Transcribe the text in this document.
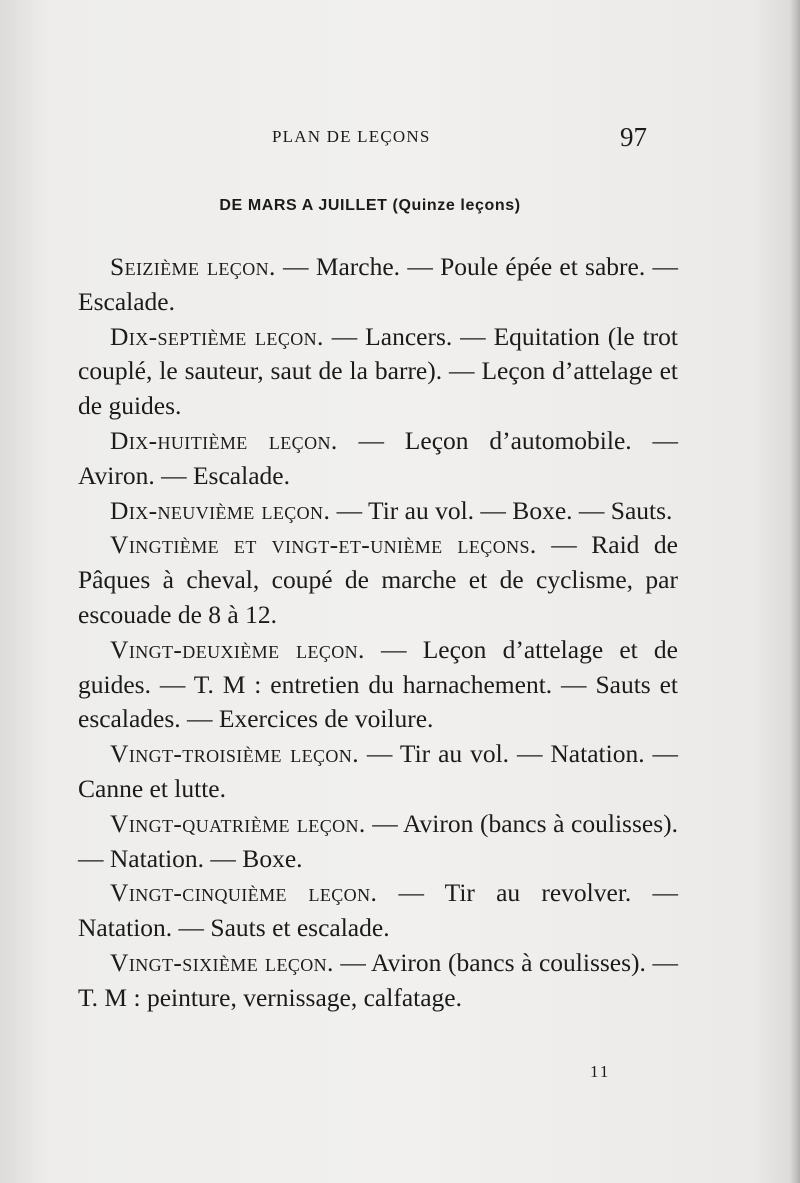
PLAN DE LEÇONS	97
DE MARS A JUILLET (Quinze leçons)

Seizième leçon. — Marche. — Poule épée et sabre. — Escalade.

Dix-septième leçon. — Lancers. — Equitation (le trot couplé, le sauteur, saut de la barre). — Leçon d’attelage et de guides.

Dix-huitième leçon. — Leçon d’automobile. — Aviron. — Escalade.

Dix-neuvième leçon. — Tir au vol. — Boxe. — Sauts.

Vingtième et vingt-et-unième leçons. — Raid de Pâques à cheval, coupé de marche et de cyclisme, par escouade de 8 à 12.

Vingt-deuxième leçon. — Leçon d’attelage et de guides. — T. M : entretien du harnachement. — Sauts et escalades. — Exercices de voilure.

Vingt-troisième leçon. — Tir au vol. — Natation. — Canne et lutte.

Vingt-quatrième leçon. — Aviron (bancs à coulisses). — Natation. — Boxe.

Vingt-cinquième leçon. — Tir au revolver. — Natation. — Sauts et escalade.

Vingt-sixième leçon. — Aviron (bancs à coulisses). — T. M : peinture, vernissage, calfatage.

11
